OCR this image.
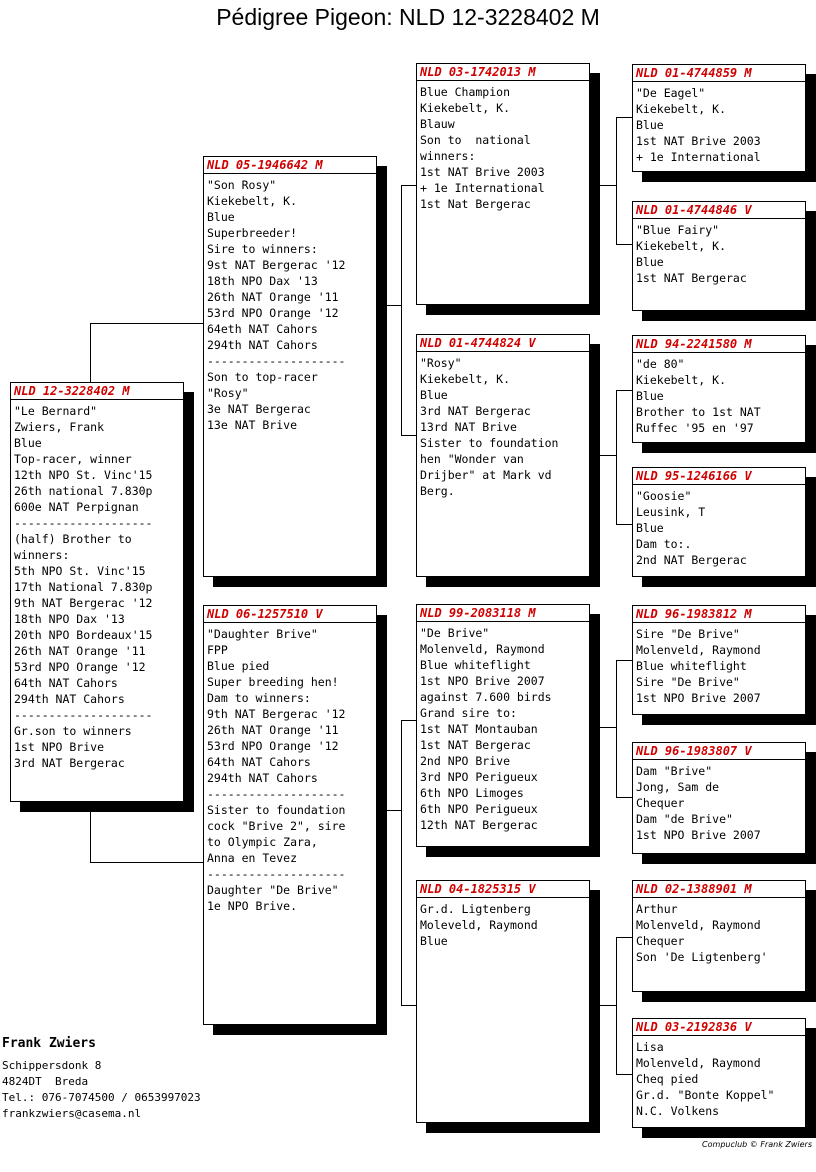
Pédigree Pigeon: NLD 12-3228402 M
NLD 12-3228402 M
"Le Bernard"
Zwiers, Frank
Blue
Top-racer, winner
12th NPO St. Vinc'15
26th national 7.830p
600e NAT Perpignan
--------------------
(half) Brother to
winners:
5th NPO St. Vinc'15
17th National 7.830p
9th NAT Bergerac '12
18th NPO Dax '13
20th NPO Bordeaux'15
26th NAT Orange '11
53rd NPO Orange '12
64th NAT Cahors
294th NAT Cahors
--------------------
Gr.son to winners
1st NPO Brive
3rd NAT Bergerac
NLD 05-1946642 M
"Son Rosy"
Kiekebelt, K.
Blue
Superbreeder!
Sire to winners:
9st NAT Bergerac '12
18th NPO Dax '13
26th NAT Orange '11
53rd NPO Orange '12
64eth NAT Cahors
294th NAT Cahors
--------------------
Son to top-racer
"Rosy"
3e NAT Bergerac
13e NAT Brive
NLD 06-1257510 V
"Daughter Brive"
FPP
Blue pied
Super breeding hen!
Dam to winners:
9th NAT Bergerac '12
26th NAT Orange '11
53rd NPO Orange '12
64th NAT Cahors
294th NAT Cahors
--------------------
Sister to foundation
cock "Brive 2", sire
to Olympic Zara,
Anna en Tevez
--------------------
Daughter "De Brive"
1e NPO Brive.
NLD 03-1742013 M
Blue Champion
Kiekebelt, K.
Blauw
Son to  national
winners:
1st NAT Brive 2003
+ 1e International
1st Nat Bergerac
NLD 01-4744824 V
"Rosy"
Kiekebelt, K.
Blue
3rd NAT Bergerac
13rd NAT Brive
Sister to foundation
hen "Wonder van
Drijber" at Mark vd
Berg.
NLD 99-2083118 M
"De Brive"
Molenveld, Raymond
Blue whiteflight
1st NPO Brive 2007
against 7.600 birds
Grand sire to:
1st NAT Montauban
1st NAT Bergerac
2nd NPO Brive
3rd NPO Perigueux
6th NPO Limoges
6th NPO Perigueux
12th NAT Bergerac
NLD 04-1825315 V
Gr.d. Ligtenberg
Moleveld, Raymond
Blue
NLD 01-4744859 M
"De Eagel"
Kiekebelt, K.
Blue
1st NAT Brive 2003
+ 1e International
NLD 01-4744846 V
"Blue Fairy"
Kiekebelt, K.
Blue
1st NAT Bergerac
NLD 94-2241580 M
"de 80"
Kiekebelt, K.
Blue
Brother to 1st NAT
Ruffec '95 en '97
NLD 95-1246166 V
"Goosie"
Leusink, T
Blue
Dam to:.
2nd NAT Bergerac
NLD 96-1983812 M
Sire "De Brive"
Molenveld, Raymond
Blue whiteflight
Sire "De Brive"
1st NPO Brive 2007
NLD 96-1983807 V
Dam "Brive"
Jong, Sam de
Chequer
Dam "de Brive"
1st NPO Brive 2007
NLD 02-1388901 M
Arthur
Molenveld, Raymond
Chequer
Son 'De Ligtenberg'
NLD 03-2192836 V
Lisa
Molenveld, Raymond
Cheq pied
Gr.d. "Bonte Koppel"
N.C. Volkens
Frank Zwiers
Schippersdonk 8
4824DT  Breda
Tel.: 076-7074500 / 0653997023
frankzwiers@casema.nl
Compuclub © Frank Zwiers
